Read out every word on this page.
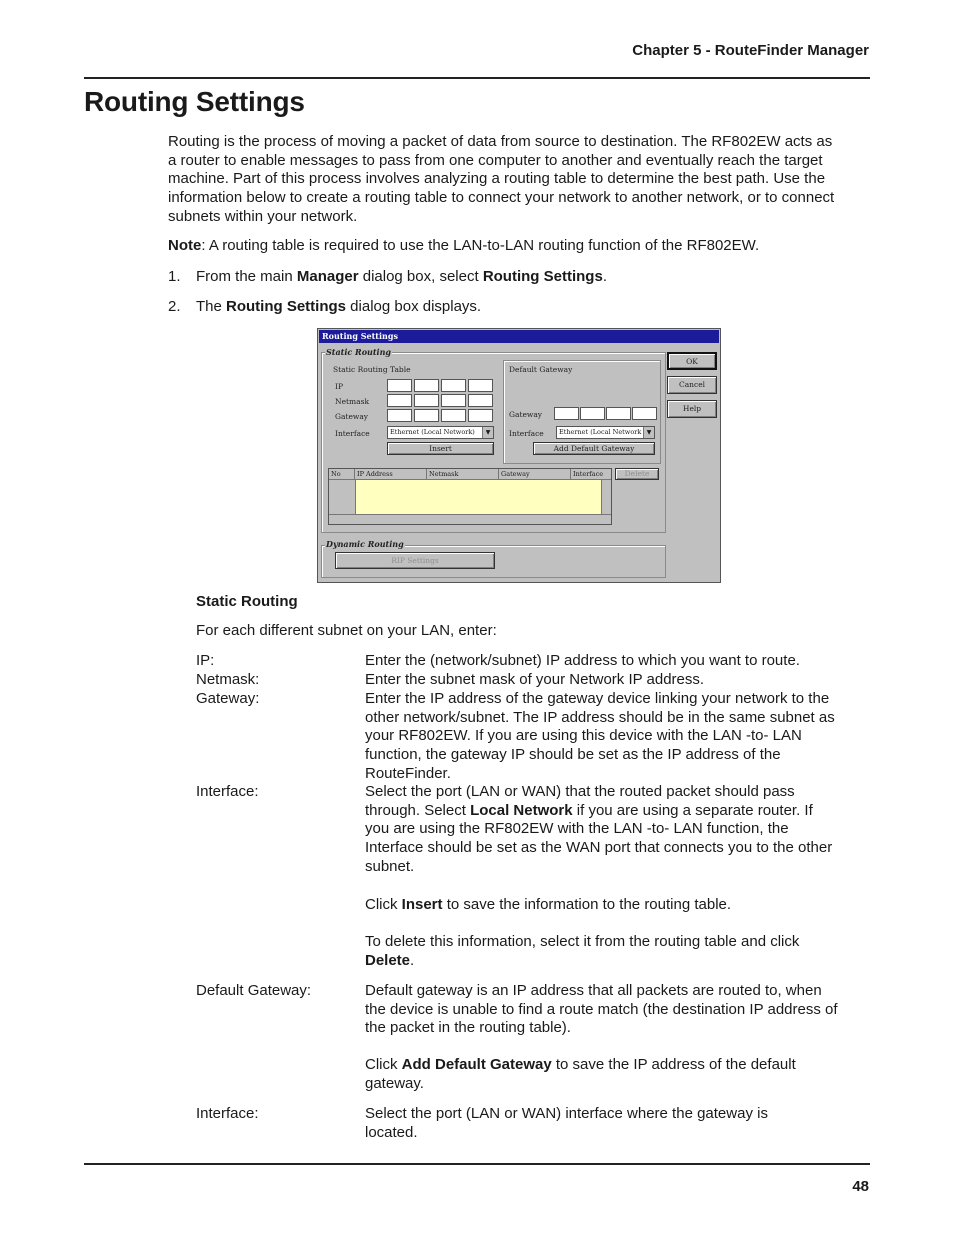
Chapter 5 - RouteFinder Manager
Routing Settings
Routing is the process of moving a packet of data from source to destination. The RF802EW acts as
a router to enable messages to pass from one computer to another and eventually reach the target
machine. Part of this process involves analyzing a routing table to determine the best path. Use the
information below to create a routing table to connect your network to another network, or to connect
subnets within your network.
Note: A routing table is required to use the LAN-to-LAN routing function of the RF802EW.
1. From the main Manager dialog box, select Routing Settings.
2. The Routing Settings dialog box displays.
Routing Settings
Static Routing
Static Routing Table
IP
Netmask
Gateway
Interface	Ethernet (Local Network)	▼
Insert
Default Gateway
Gateway
Interface	Ethernet (Local Network ▼
Add Default Gateway
No	IP Address	Netmask	Gateway	Interface	Delete
OK
Cancel
Help
Dynamic Routing
RIP Settings
Static Routing
For each different subnet on your LAN, enter:
IP:	Enter the (network/subnet) IP address to which you want to route.
Netmask:	Enter the subnet mask of your Network IP address.
Gateway:	Enter the IP address of the gateway device linking your network to the
other network/subnet. The IP address should be in the same subnet as
your RF802EW. If you are using this device with the LAN -to- LAN
function, the gateway IP should be set as the IP address of the
RouteFinder.
Interface:	Select the port (LAN or WAN) that the routed packet should pass
through. Select Local Network if you are using a separate router. If
you are using the RF802EW with the LAN -to- LAN function, the
Interface should be set as the WAN port that connects you to the other
subnet.
Click Insert to save the information to the routing table.
To delete this information, select it from the routing table and click
Delete.
Default Gateway:	Default gateway is an IP address that all packets are routed to, when
the device is unable to find a route match (the destination IP address of
the packet in the routing table).
Click Add Default Gateway to save the IP address of the default
gateway.
Interface:	Select the port (LAN or WAN) interface where the gateway is
located.
48
